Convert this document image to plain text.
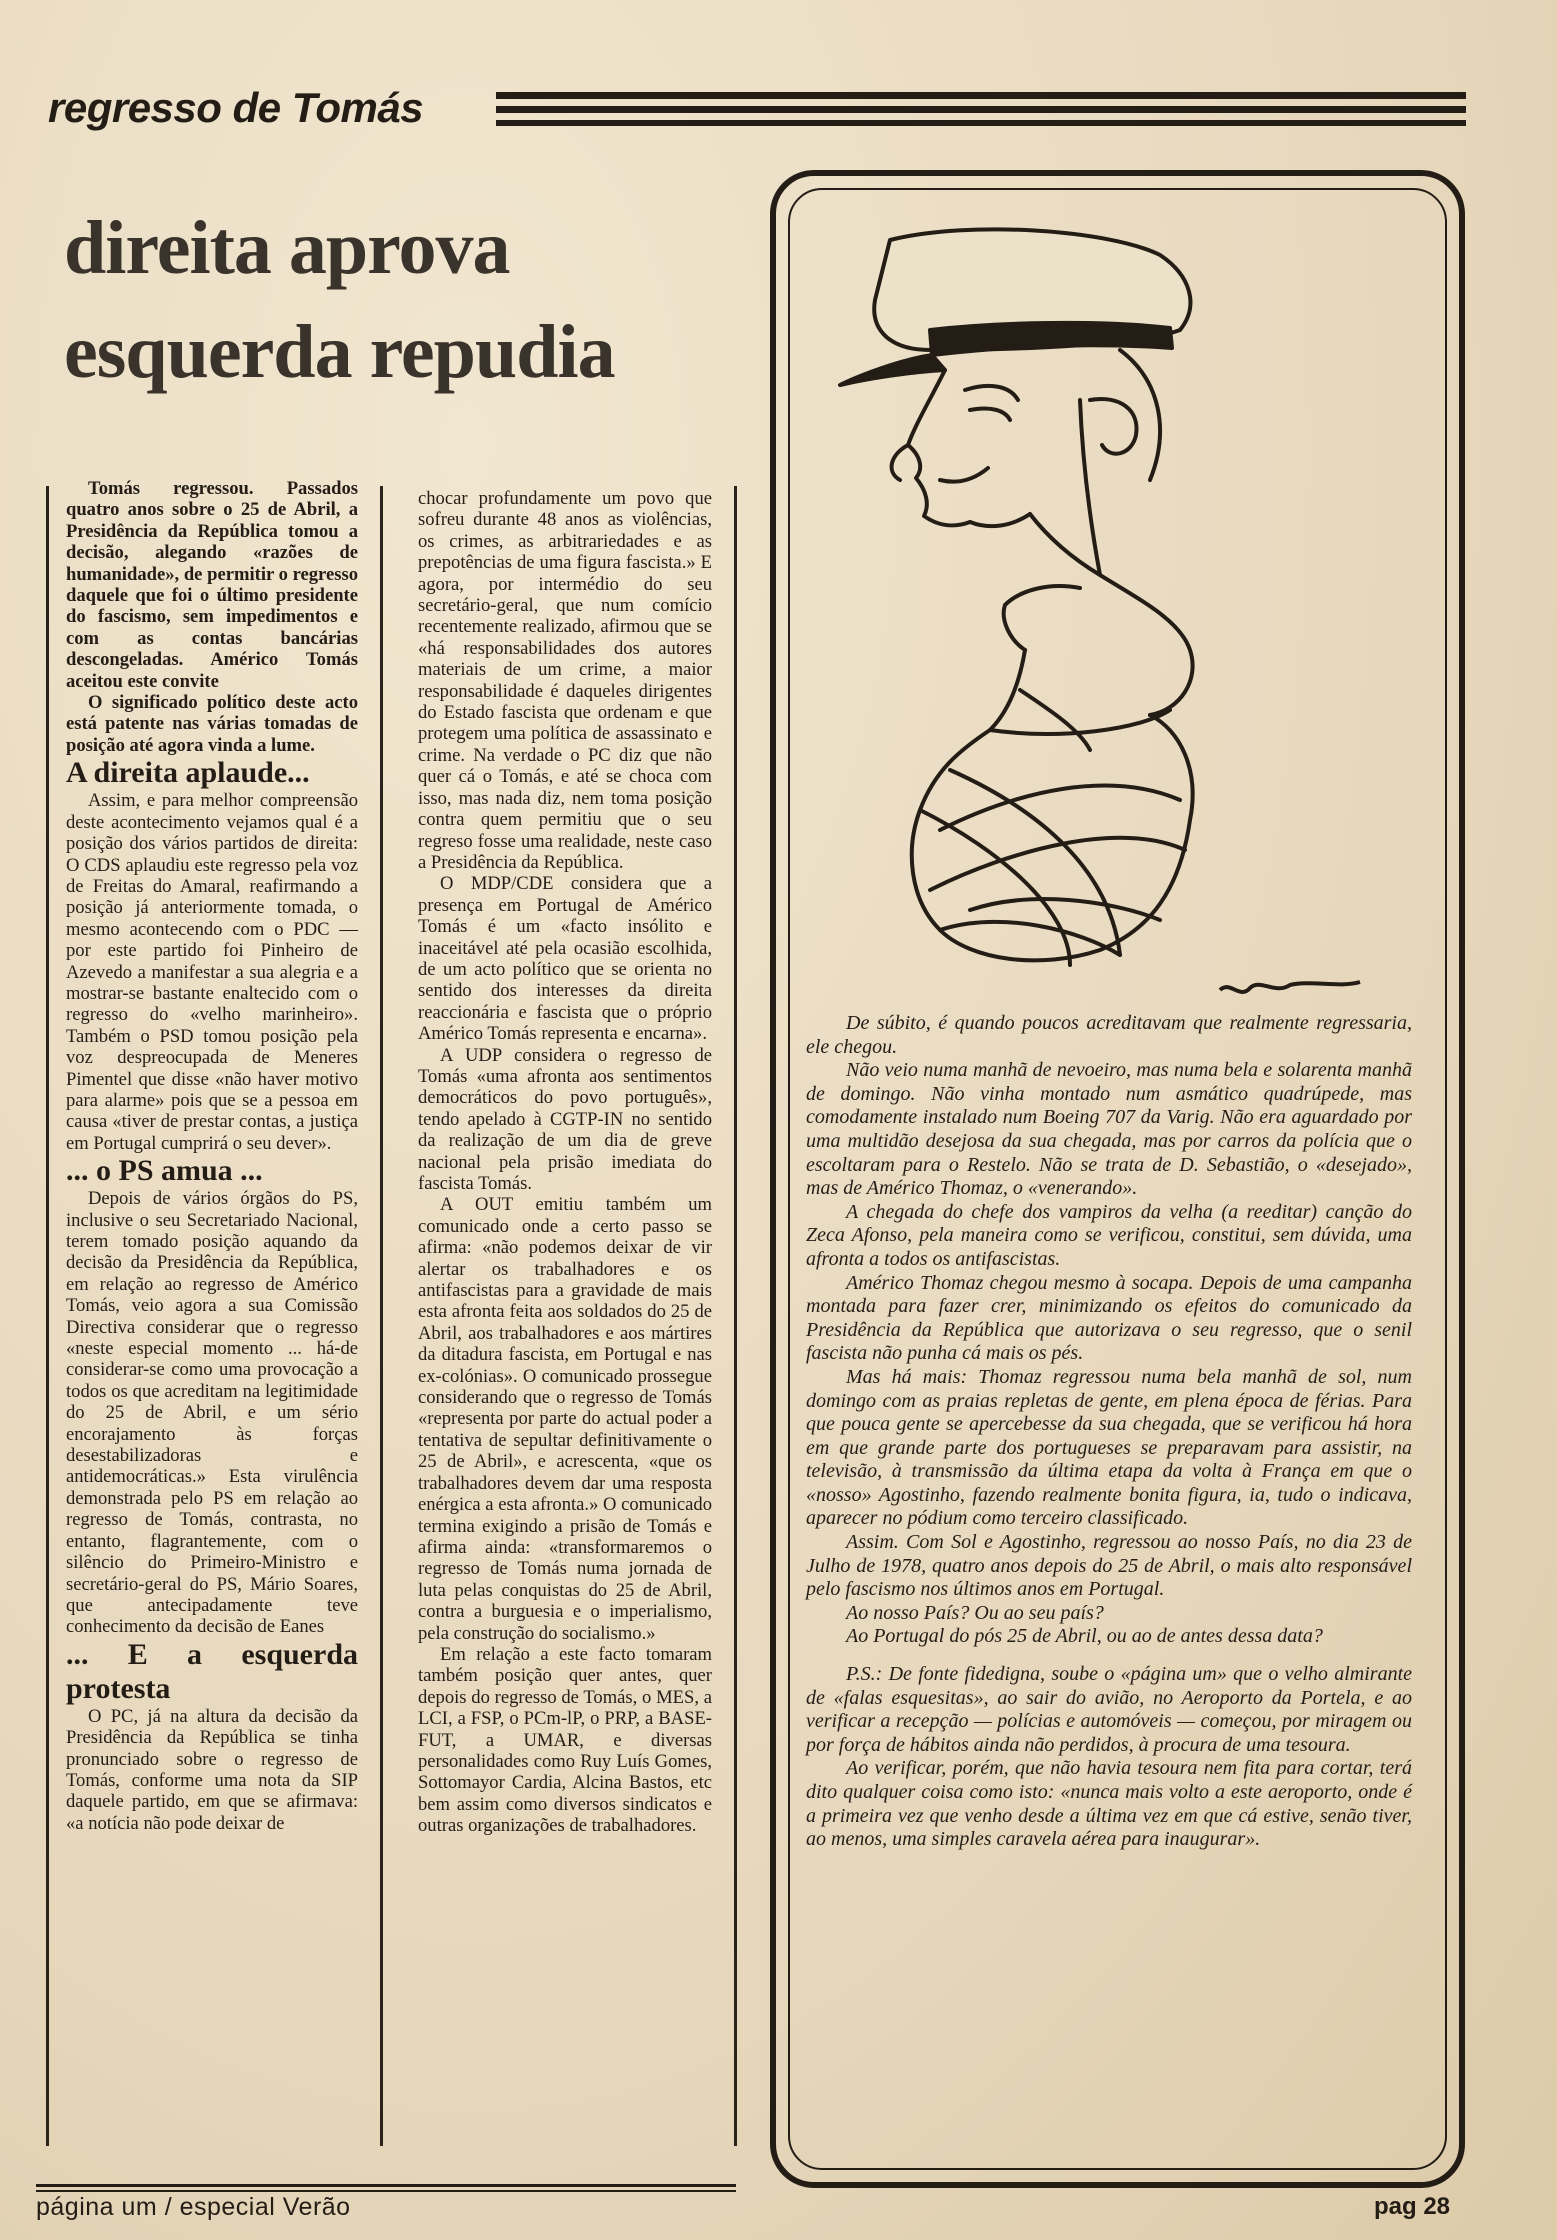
regresso de Tomás
direita aprova
esquerda repudia

Tomás regressou. Passados quatro anos sobre o 25 de Abril, a Presidência da República tomou a decisão, alegando «razões de humanidade», de permitir o regresso daquele que foi o último presidente do fascismo, sem impedimentos e com as contas bancárias descongeladas. Américo Tomás aceitou este convite

O significado político deste acto está patente nas várias tomadas de posição até agora vinda a lume.

A direita aplaude...

Assim, e para melhor compreensão deste acontecimento vejamos qual é a posição dos vários partidos de direita: O CDS aplaudiu este regresso pela voz de Freitas do Amaral, reafirmando a posição já anteriormente tomada, o mesmo acontecendo com o PDC — por este partido foi Pinheiro de Azevedo a manifestar a sua alegria e a mostrar-se bastante enaltecido com o regresso do «velho marinheiro». Também o PSD tomou posição pela voz despreocupada de Meneres Pimentel que disse «não haver motivo para alarme» pois que se a pessoa em causa «tiver de prestar contas, a justiça em Portugal cumprirá o seu dever».

... o PS amua ...

Depois de vários órgãos do PS, inclusive o seu Secretariado Nacional, terem tomado posição aquando da decisão da Presidência da República, em relação ao regresso de Américo Tomás, veio agora a sua Comissão Directiva considerar que o regresso «neste especial momento ... há-de considerar-se como uma provocação a todos os que acreditam na legitimidade do 25 de Abril, e um sério encorajamento às forças desestabilizadoras e antidemocráticas.» Esta virulência demonstrada pelo PS em relação ao regresso de Tomás, contrasta, no entanto, flagrantemente, com o silêncio do Primeiro-Ministro e secretário-geral do PS, Mário Soares, que antecipadamente teve conhecimento da decisão de Eanes

... E a esquerda protesta

O PC, já na altura da decisão da Presidência da República se tinha pronunciado sobre o regresso de Tomás, conforme uma nota da SIP daquele partido, em que se afirmava: «a notícia não pode deixar de

chocar profundamente um povo que sofreu durante 48 anos as violências, os crimes, as arbitrariedades e as prepotências de uma figura fascista.» E agora, por intermédio do seu secretário-geral, que num comício recentemente realizado, afirmou que se «há responsabilidades dos autores materiais de um crime, a maior responsabilidade é daqueles dirigentes do Estado fascista que ordenam e que protegem uma política de assassinato e crime. Na verdade o PC diz que não quer cá o Tomás, e até se choca com isso, mas nada diz, nem toma posição contra quem permitiu que o seu regreso fosse uma realidade, neste caso a Presidência da República.

O MDP/CDE considera que a presença em Portugal de Américo Tomás é um «facto insólito e inaceitável até pela ocasião escolhida, de um acto político que se orienta no sentido dos interesses da direita reaccionária e fascista que o próprio Américo Tomás representa e encarna».

A UDP considera o regresso de Tomás «uma afronta aos sentimentos democráticos do povo português», tendo apelado à CGTP-IN no sentido da realização de um dia de greve nacional pela prisão imediata do fascista Tomás.

A OUT emitiu também um comunicado onde a certo passo se afirma: «não podemos deixar de vir alertar os trabalhadores e os antifascistas para a gravidade de mais esta afronta feita aos soldados do 25 de Abril, aos trabalhadores e aos mártires da ditadura fascista, em Portugal e nas ex-colónias». O comunicado prossegue considerando que o regresso de Tomás «representa por parte do actual poder a tentativa de sepultar definitivamente o 25 de Abril», e acrescenta, «que os trabalhadores devem dar uma resposta enérgica a esta afronta.» O comunicado termina exigindo a prisão de Tomás e afirma ainda: «transformaremos o regresso de Tomás numa jornada de luta pelas conquistas do 25 de Abril, contra a burguesia e o imperialismo, pela construção do socialismo.»

Em relação a este facto tomaram também posição quer antes, quer depois do regresso de Tomás, o MES, a LCI, a FSP, o PCm-lP, o PRP, a BASE-FUT, a UMAR, e diversas personalidades como Ruy Luís Gomes, Sottomayor Cardia, Alcina Bastos, etc bem assim como diversos sindicatos e outras organizações de trabalhadores.

De súbito, é quando poucos acreditavam que realmente regressaria, ele chegou.

Não veio numa manhã de nevoeiro, mas numa bela e solarenta manhã de domingo. Não vinha montado num asmático quadrúpede, mas comodamente instalado num Boeing 707 da Varig. Não era aguardado por uma multidão desejosa da sua chegada, mas por carros da polícia que o escoltaram para o Restelo. Não se trata de D. Sebastião, o «desejado», mas de Américo Thomaz, o «venerando».

A chegada do chefe dos vampiros da velha (a reeditar) canção do Zeca Afonso, pela maneira como se verificou, constitui, sem dúvida, uma afronta a todos os antifascistas.

Américo Thomaz chegou mesmo à socapa. Depois de uma campanha montada para fazer crer, minimizando os efeitos do comunicado da Presidência da República que autorizava o seu regresso, que o senil fascista não punha cá mais os pés.

Mas há mais: Thomaz regressou numa bela manhã de sol, num domingo com as praias repletas de gente, em plena época de férias. Para que pouca gente se apercebesse da sua chegada, que se verificou há hora em que grande parte dos portugueses se preparavam para assistir, na televisão, à transmissão da última etapa da volta à França em que o «nosso» Agostinho, fazendo realmente bonita figura, ia, tudo o indicava, aparecer no pódium como terceiro classificado.

Assim. Com Sol e Agostinho, regressou ao nosso País, no dia 23 de Julho de 1978, quatro anos depois do 25 de Abril, o mais alto responsável pelo fascismo nos últimos anos em Portugal.

Ao nosso País? Ou ao seu país?

Ao Portugal do pós 25 de Abril, ou ao de antes dessa data?

P.S.: De fonte fidedigna, soube o «página um» que o velho almirante de «falas esquesitas», ao sair do avião, no Aeroporto da Portela, e ao verificar a recepção — polícias e automóveis — começou, por miragem ou por força de hábitos ainda não perdidos, à procura de uma tesoura.

Ao verificar, porém, que não havia tesoura nem fita para cortar, terá dito qualquer coisa como isto: «nunca mais volto a este aeroporto, onde é a primeira vez que venho desde a última vez em que cá estive, senão tiver, ao menos, uma simples caravela aérea para inaugurar».

página um / especial Verão	pag 28
